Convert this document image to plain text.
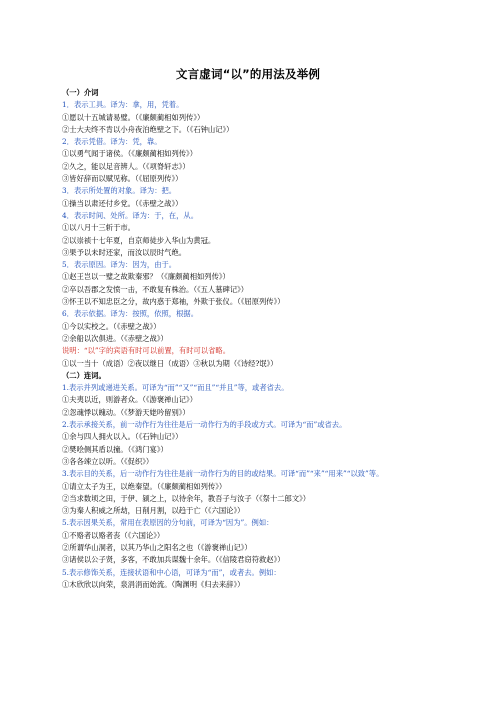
文言虚词“以”的用法及举例
（一）介词
1．表示工具。译为：拿，用，凭着。
①愿以十五城请易璧。（《廉颇蔺相如列传》）
②士大夫终不肯以小舟夜泊绝壁之下。（《石钟山记》）
2．表示凭借。译为：凭，靠。
①以勇气闻于诸侯。（《廉颇蔺相如列传》）
②久之，能以足音辨人。（《项脊轩志》）
③皆好辞而以赋见称。（《屈原列传》）
3．表示所处置的对象。译为：把。
①操当以肃还付乡党。（《赤壁之战》）
4．表示时间、处所。译为：于，在，从。
①以八月十三斩于市。
②以崇祯十七年夏，自京师徒步入华山为黄冠。
③果予以未时还家，而汝以辰时气绝。
5．表示原因。译为：因为，由于。
①赵王岂以一璧之故欺秦邪？（《廉颇蔺相如列传》）
②卒以吾郡之发愤一击，不敢复有株治。（《五人墓碑记》）
③怀王以不知忠臣之分，故内惑于郑袖，外欺于张仪。（《屈原列传》）
6．表示依据。译为：按照，依照，根据。
①今以实校之。（《赤壁之战》）
②余船以次俱进。（《赤壁之战》）
说明：“以”字的宾语有时可以前置，有时可以省略。
①以一当十（成语）②夜以继日（成语）③秋以为期（《诗经?氓》）
（二）连词。
1.表示并列或递进关系。可译为“而”“又”“而且”“并且”等，或者省去。
①夫夷以近，则游者众。（《游褒禅山记》）
②忽魂悸以魄动。（《梦游天姥吟留别》）
2.表示承接关系，前一动作行为往往是后一动作行为的手段或方式。可译为“而”或省去。
①余与四人拥火以入。（《石钟山记》）
②樊哙侧其盾以撞。（《鸿门宴》）
③各各竦立以听。（《促织》）
3.表示目的关系，后一动作行为往往是前一动作行为的目的或结果。可译“而”“来”“用来”“以致”等。
①请立太子为王，以绝秦望。（《廉颇蔺相如列传》）
②当求数顷之田，于伊、颍之上，以待余年，教吾子与汝子（《祭十二郎文》）
③为秦人积威之所劫，日削月割，以趋于亡（《六国论》）
5.表示因果关系，常用在表原因的分句前，可译为“因为”。例如：
①不赂者以赂者丧（《六国论》）
②所谓华山洞者，以其乃华山之阳名之也（《游褒禅山记》）
③诸侯以公子贤，多客，不敢加兵谋魏十余年。（《信陵君窃符救赵》）
5.表示修饰关系，连接状语和中心语，可译为“而”，或者去。例如：
①木欣欣以向荣，泉涓涓而始流。（陶渊明《归去来辞》）
